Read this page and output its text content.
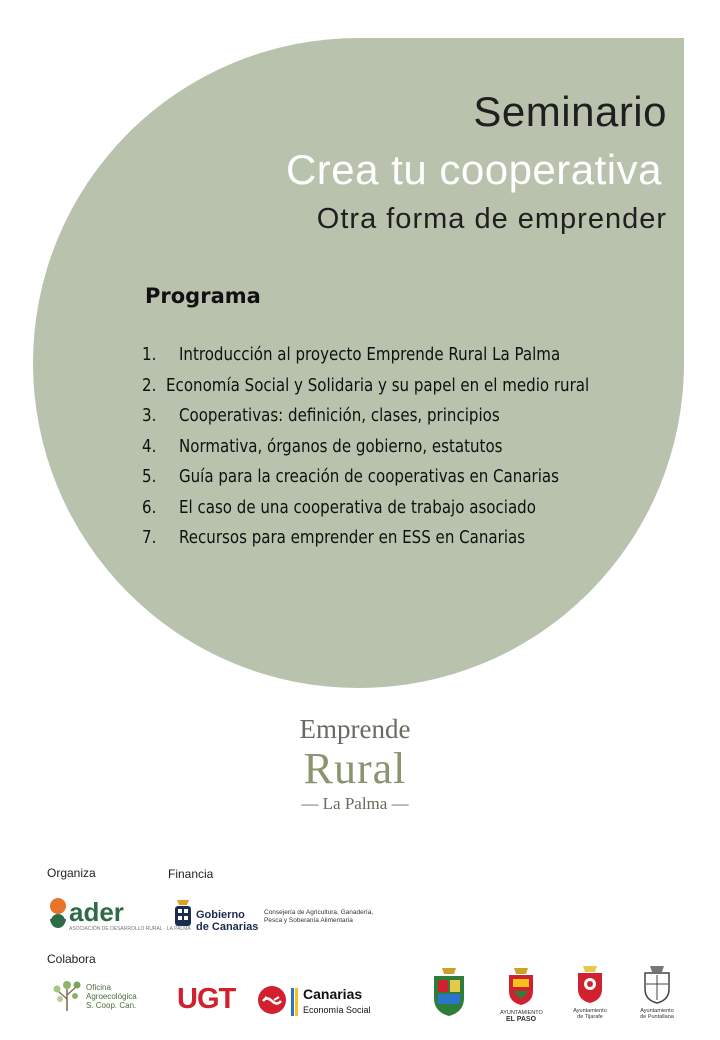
Seminario
Crea tu cooperativa
Otra forma de emprender
Programa
1.	Introducción al proyecto Emprende Rural La Palma
2. Economía Social y Solidaria y su papel en el medio rural
3.	Cooperativas: definición, clases, principios
4.	Normativa, órganos de gobierno, estatutos
5.	Guía para la creación de cooperativas en Canarias
6.	El caso de una cooperativa de trabajo asociado
7.	Recursos para emprender en ESS en Canarias
Emprende
Rural
— La Palma —
Organiza	Financia
Colabora
ader
ASOCIACIÓN DE DESARROLLO RURAL · LA PALMA
Gobierno
de Canarias
Consejería de Agricultura, Ganadería,
Pesca y Soberanía Alimentaria
Oficina
Agroecológica
S. Coop. Can. UGT	Canarias
Economía Social	AYUNTAMIENTO
EL PASO
Ayuntamiento
de Tijarafe
Ayuntamiento
de Puntallana
